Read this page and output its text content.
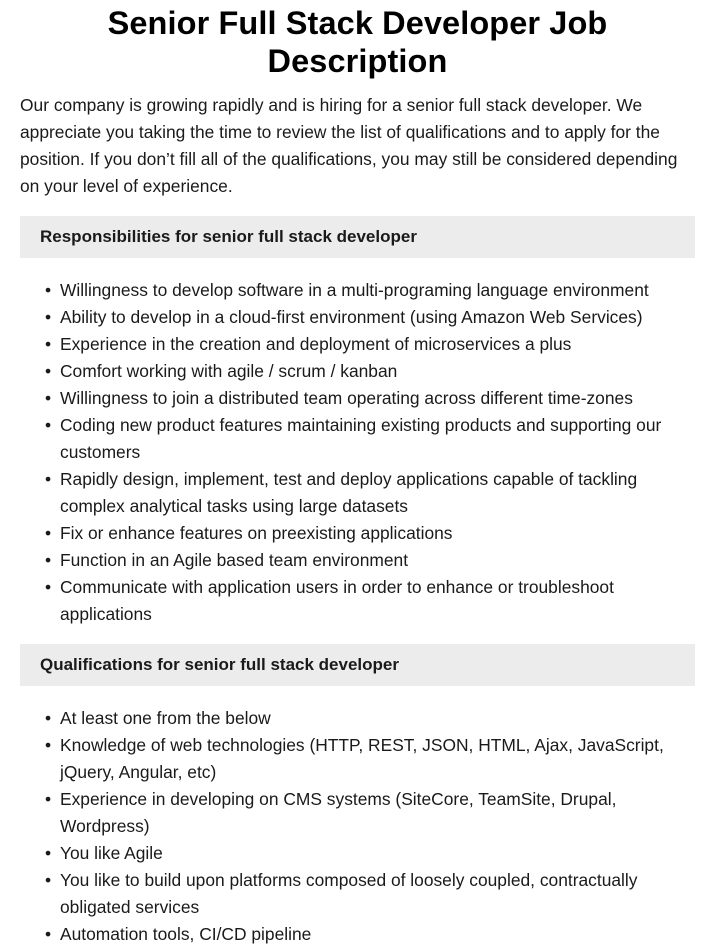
Senior Full Stack Developer Job Description

Our company is growing rapidly and is hiring for a senior full stack developer. We appreciate you taking the time to review the list of qualifications and to apply for the position. If you don’t fill all of the qualifications, you may still be considered depending on your level of experience.

Responsibilities for senior full stack developer
• Willingness to develop software in a multi-programing language environment
• Ability to develop in a cloud-first environment (using Amazon Web Services)
• Experience in the creation and deployment of microservices a plus
• Comfort working with agile / scrum / kanban
• Willingness to join a distributed team operating across different time-zones
• Coding new product features maintaining existing products and supporting our customers
• Rapidly design, implement, test and deploy applications capable of tackling complex analytical tasks using large datasets
• Fix or enhance features on preexisting applications
• Function in an Agile based team environment
• Communicate with application users in order to enhance or troubleshoot applications
Qualifications for senior full stack developer
• At least one from the below
• Knowledge of web technologies (HTTP, REST, JSON, HTML, Ajax, JavaScript, jQuery, Angular, etc)
• Experience in developing on CMS systems (SiteCore, TeamSite, Drupal, Wordpress)
• You like Agile
• You like to build upon platforms composed of loosely coupled, contractually obligated services
• Automation tools, CI/CD pipeline
